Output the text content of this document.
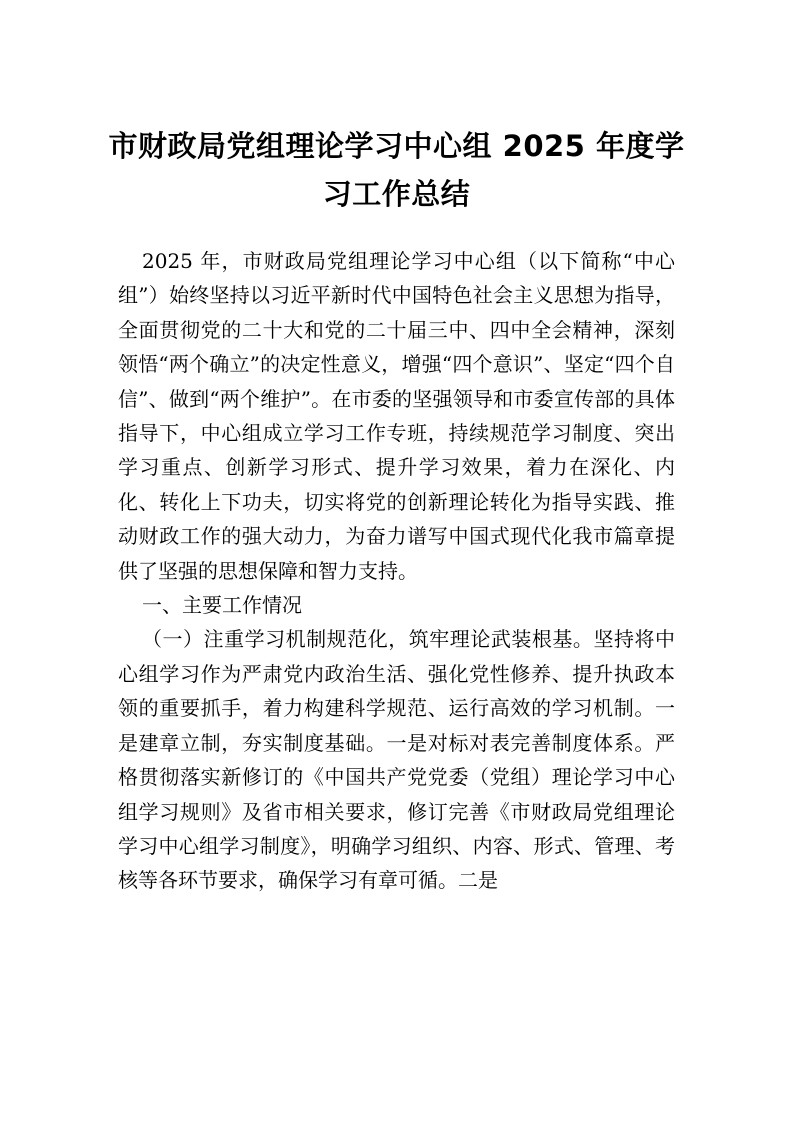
市财政局党组理论学习中心组 2025 年度学习工作总结

2025 年，市财政局党组理论学习中心组（以下简称“中心组”）始终坚持以习近平新时代中国特色社会主义思想为指导，全面贯彻党的二十大和党的二十届三中、四中全会精神，深刻领悟“两个确立”的决定性意义，增强“四个意识”、坚定“四个自信”、做到“两个维护”。在市委的坚强领导和市委宣传部的具体指导下，中心组成立学习工作专班，持续规范学习制度、突出学习重点、创新学习形式、提升学习效果，着力在深化、内化、转化上下功夫，切实将党的创新理论转化为指导实践、推动财政工作的强大动力，为奋力谱写中国式现代化我市篇章提供了坚强的思想保障和智力支持。

一、主要工作情况

（一）注重学习机制规范化，筑牢理论武装根基。坚持将中心组学习作为严肃党内政治生活、强化党性修养、提升执政本领的重要抓手，着力构建科学规范、运行高效的学习机制。一是建章立制，夯实制度基础。一是对标对表完善制度体系。严格贯彻落实新修订的《中国共产党党委（党组）理论学习中心组学习规则》及省市相关要求，修订完善《市财政局党组理论学习中心组学习制度》，明确学习组织、内容、形式、管理、考核等各环节要求，确保学习有章可循。二是
